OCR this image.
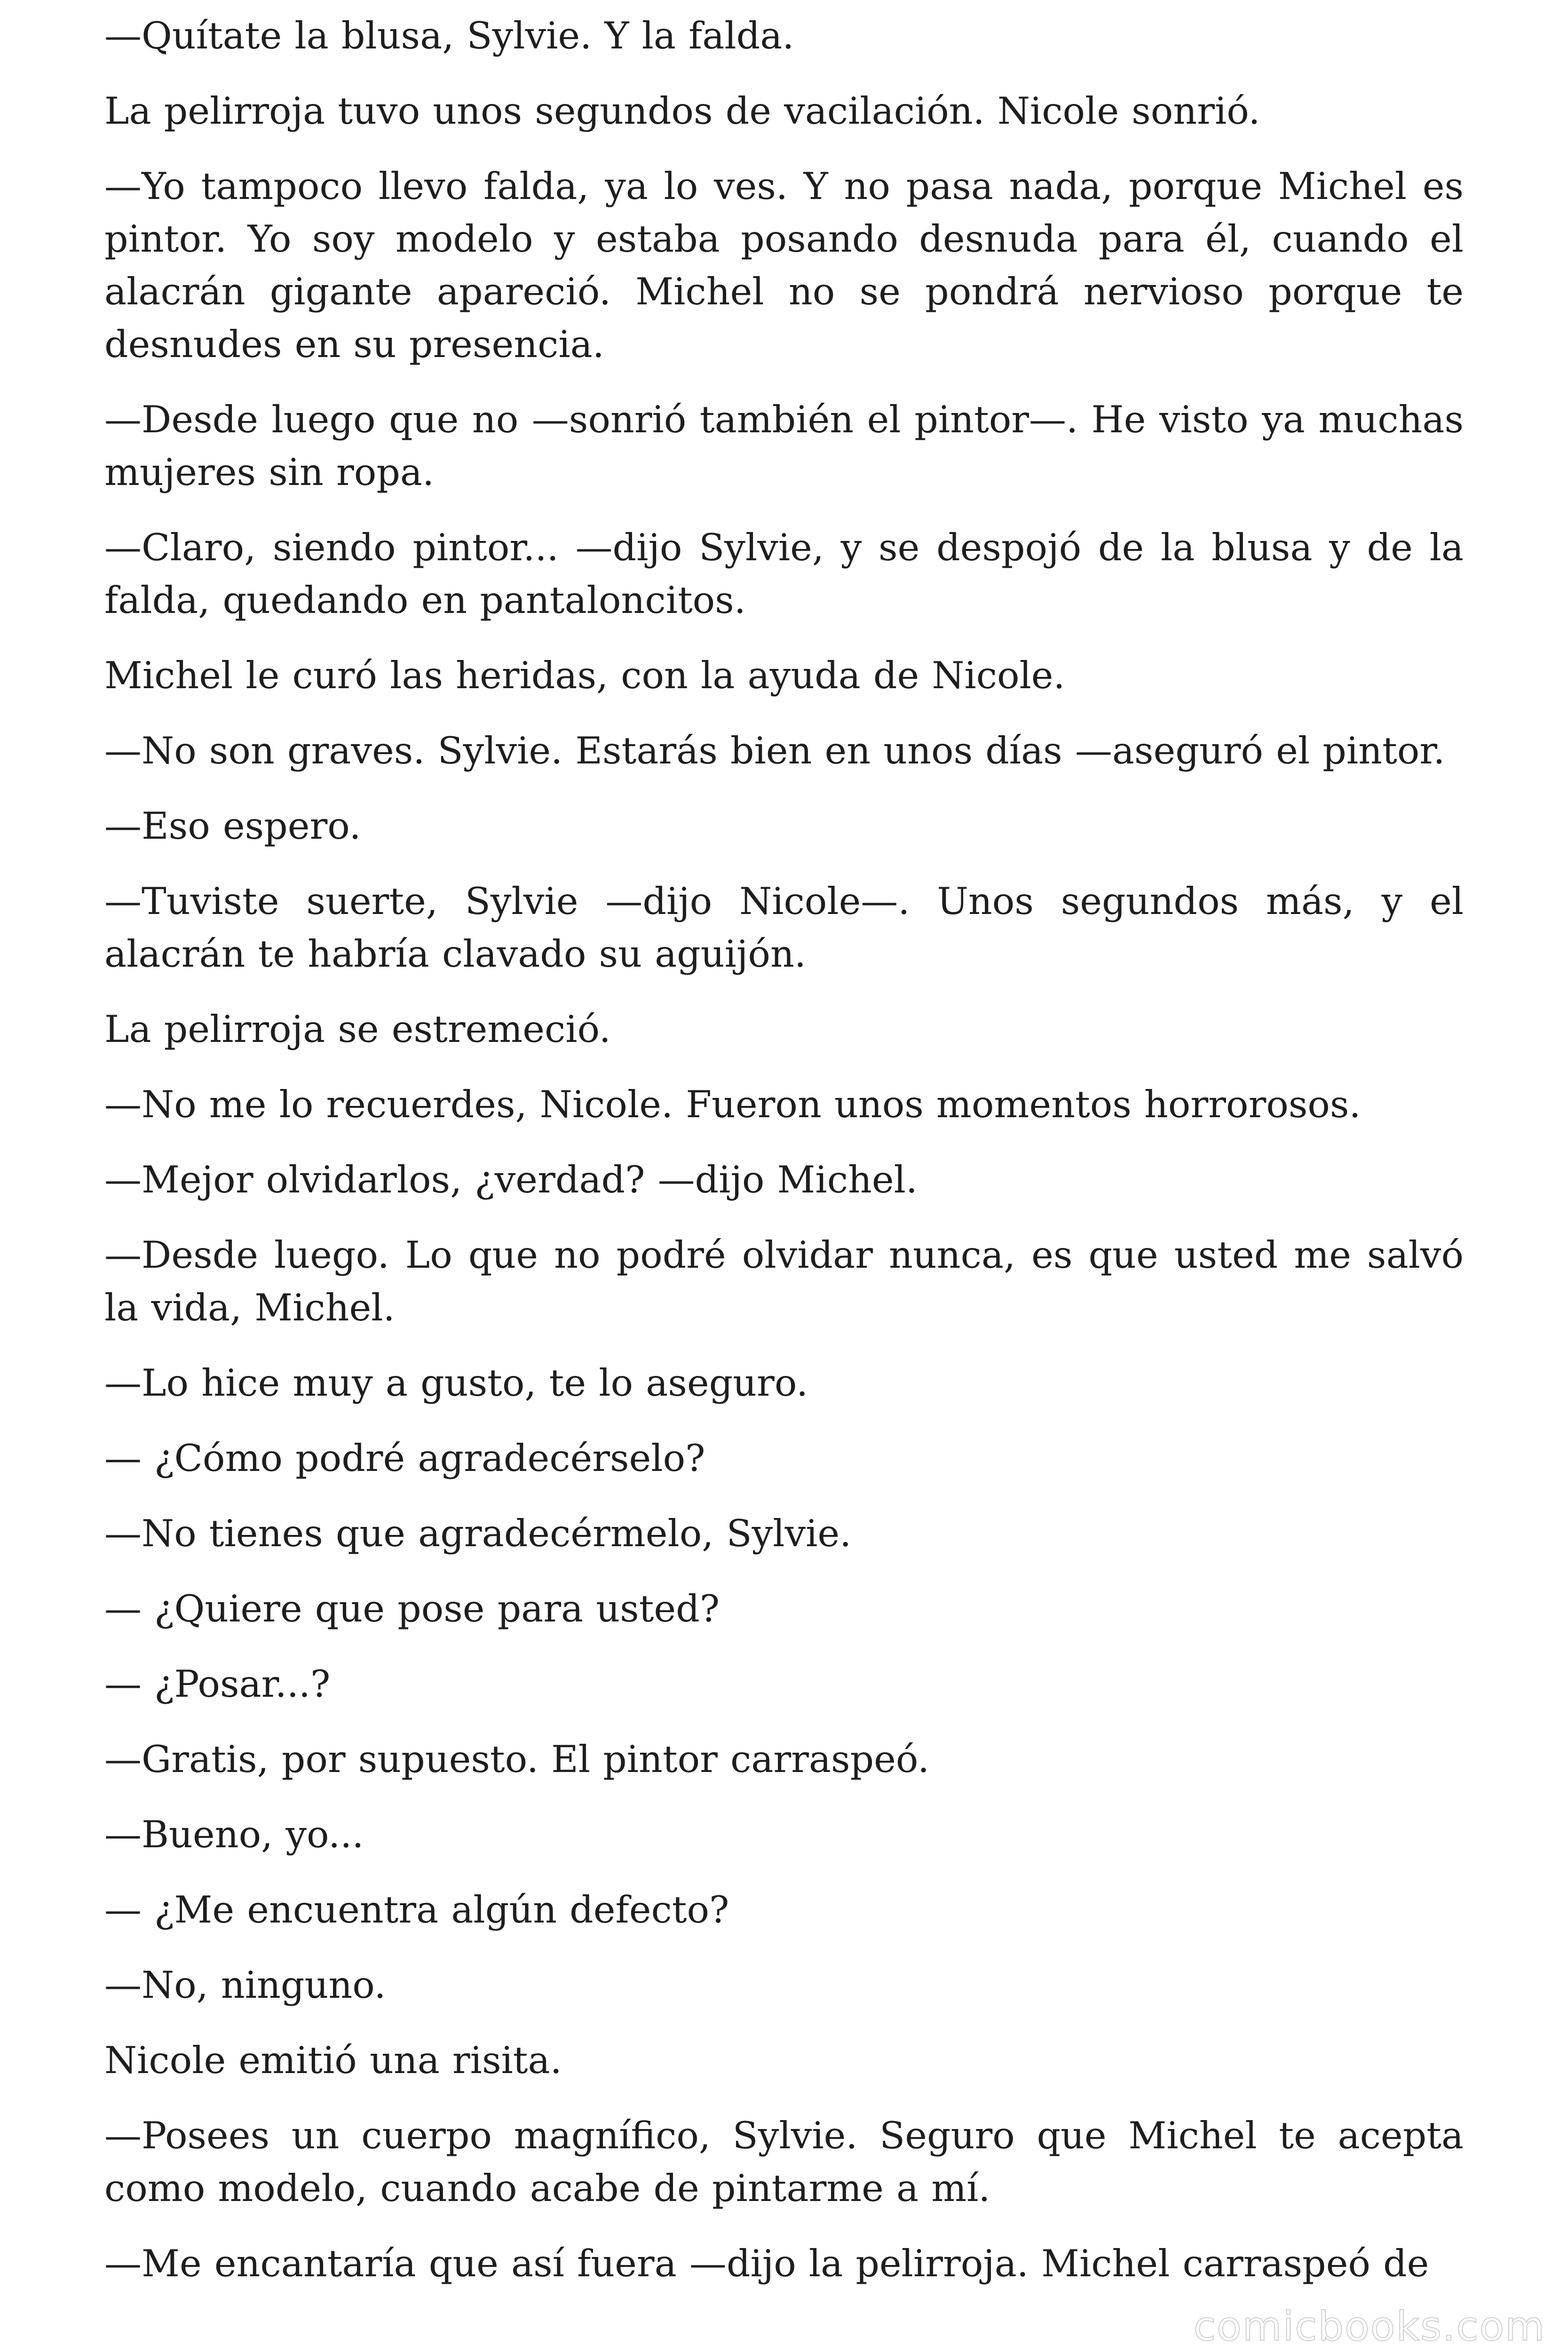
—Quítate la blusa, Sylvie. Y la falda.

La pelirroja tuvo unos segundos de vacilación. Nicole sonrió.

—Yo tampoco llevo falda, ya lo ves. Y no pasa nada, porque Michel es pintor. Yo soy modelo y estaba posando desnuda para él, cuando el alacrán gigante apareció. Michel no se pondrá nervioso porque te desnudes en su presencia.

—Desde luego que no —sonrió también el pintor—. He visto ya muchas mujeres sin ropa.

—Claro, siendo pintor... —dijo Sylvie, y se despojó de la blusa y de la falda, quedando en pantaloncitos.

Michel le curó las heridas, con la ayuda de Nicole.

—No son graves. Sylvie. Estarás bien en unos días —aseguró el pintor.

—Eso espero.

—Tuviste suerte, Sylvie —dijo Nicole—. Unos segundos más, y el alacrán te habría clavado su aguijón.

La pelirroja se estremeció.

—No me lo recuerdes, Nicole. Fueron unos momentos horrorosos.

—Mejor olvidarlos, ¿verdad? —dijo Michel.

—Desde luego. Lo que no podré olvidar nunca, es que usted me salvó la vida, Michel.

—Lo hice muy a gusto, te lo aseguro.

— ¿Cómo podré agradecérselo?

—No tienes que agradecérmelo, Sylvie.

— ¿Quiere que pose para usted?

— ¿Posar...?

—Gratis, por supuesto. El pintor carraspeó.

—Bueno, yo...

— ¿Me encuentra algún defecto?

—No, ninguno.

Nicole emitió una risita.

—Posees un cuerpo magnífico, Sylvie. Seguro que Michel te acepta como modelo, cuando acabe de pintarme a mí.

—Me encantaría que así fuera —dijo la pelirroja. Michel carraspeó de

comicbooks.com
